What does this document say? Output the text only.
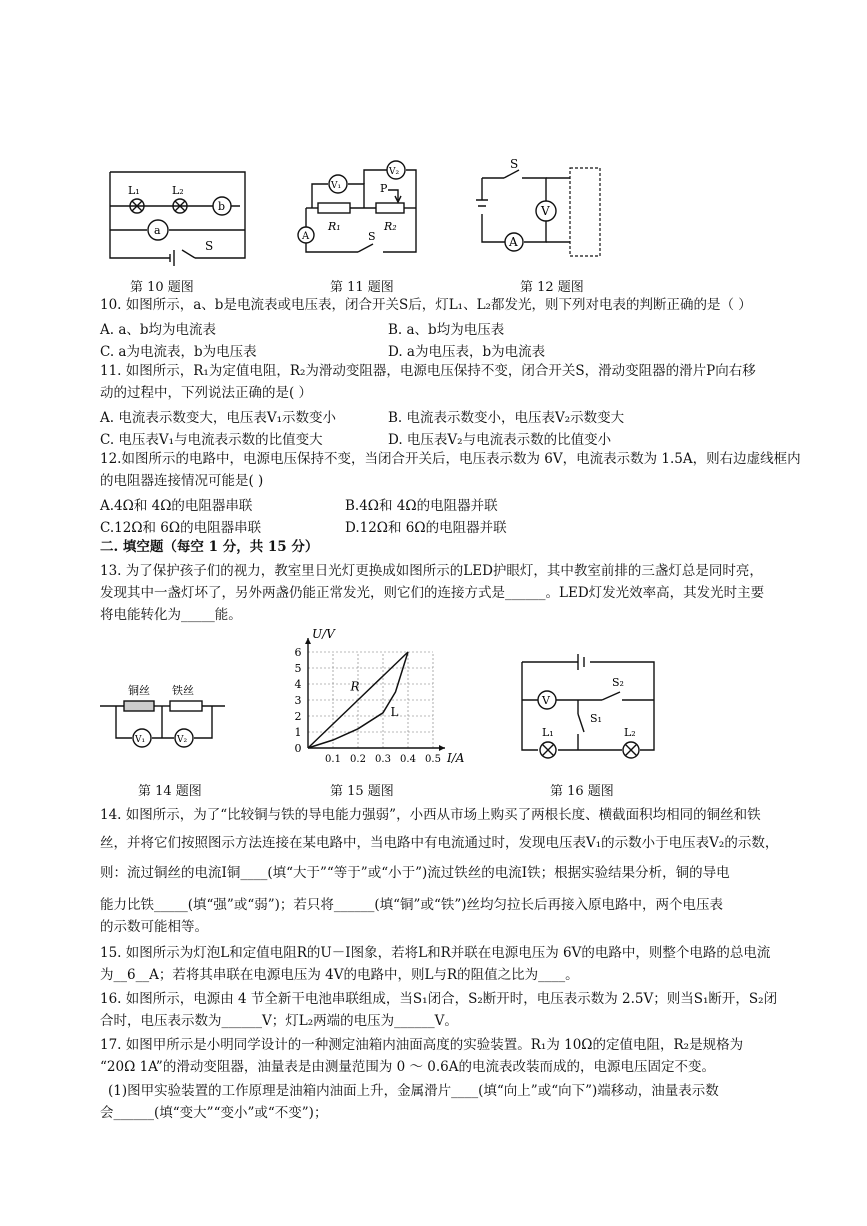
L₁	L₂
b
a
S
第 10 题图
V₁
V₂
P
R₁	R₂
A	S
第 11 题图
S
V
A
第 12 题图
10. 如图所示，a、b是电流表或电压表，闭合开关S后，灯L₁、L₂都发光，则下列对电表的判断正确的是（ ）
A. a、b均为电流表	B. a、b均为电压表
C. a为电流表，b为电压表	D. a为电压表，b为电流表
11. 如图所示，R₁为定值电阻，R₂为滑动变阻器，电源电压保持不变，闭合开关S，滑动变阻器的滑片P向右移
动的过程中，下列说法正确的是( ）
A. 电流表示数变大，电压表V₁示数变小	B. 电流表示数变小，电压表V₂示数变大
C. 电压表V₁与电流表示数的比值变大	D. 电压表V₂与电流表示数的比值变小
12.如图所示的电路中，电源电压保持不变，当闭合开关后，电压表示数为 6V，电流表示数为 1.5A，则右边虚线框内
的电阻器连接情况可能是( )
A.4Ω和 4Ω的电阻器串联	B.4Ω和 4Ω的电阻器并联
C.12Ω和 6Ω的电阻器串联	D.12Ω和 6Ω的电阻器并联
二. 填空题（每空 1 分，共 15 分）
13. 为了保护孩子们的视力，教室里日光灯更换成如图所示的LED护眼灯，其中教室前排的三盏灯总是同时亮，
发现其中一盏灯坏了，另外两盏仍能正常发光，则它们的连接方式是______。LED灯发光效率高，其发光时主要
将电能转化为_____能。
铜丝 铁丝
V₁	V₂
第 14 题图
0
1
2
3
4
5
6
0.1 0.2 0.3 0.4 0.5
U/V
I/A
R
L
第 15 题图
V
S₂
S₁
L₁	L₂
第 16 题图
14. 如图所示，为了“比较铜与铁的导电能力强弱”，小西从市场上购买了两根长度、横截面积均相同的铜丝和铁
丝，并将它们按照图示方法连接在某电路中，当电路中有电流通过时，发现电压表V₁的示数小于电压表V₂的示数，
则：流过铜丝的电流I铜____(填“大于”“等于”或“小于”)流过铁丝的电流I铁；根据实验结果分析，铜的导电
能力比铁_____(填“强”或“弱”)；若只将______(填“铜”或“铁”)丝均匀拉长后再接入原电路中，两个电压表
的示数可能相等。
15. 如图所示为灯泡L和定值电阻R的U－I图象，若将L和R并联在电源电压为 6V的电路中，则整个电路的总电流
为__6__A；若将其串联在电源电压为 4V的电路中，则L与R的阻值之比为____。
16. 如图所示，电源由 4 节全新干电池串联组成，当S₁闭合，S₂断开时，电压表示数为 2.5V；则当S₁断开，S₂闭
合时，电压表示数为______V；灯L₂两端的电压为______V。
17. 如图甲所示是小明同学设计的一种测定油箱内油面高度的实验装置。R₁为 10Ω的定值电阻，R₂是规格为
“20Ω 1A”的滑动变阻器，油量表是由测量范围为 0 ～ 0.6A的电流表改装而成的，电源电压固定不变。
(1)图甲实验装置的工作原理是油箱内油面上升，金属滑片____(填“向上”或“向下”)端移动，油量表示数
会______(填“变大”“变小”或“不变”)；
